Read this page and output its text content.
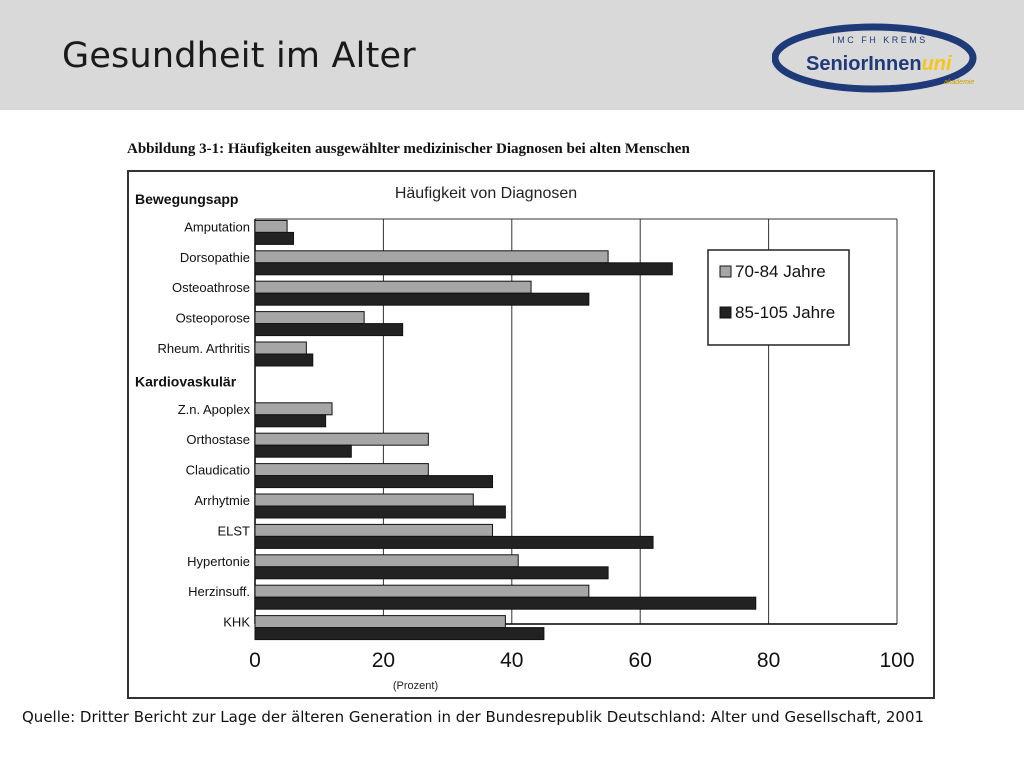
Gesundheit im Alter	IMC FH KREMS
SeniorInnenuni
akademie
Abbildung 3-1: Häufigkeiten ausgewählter medizinischer Diagnosen bei alten Menschen
Häufigkeit von Diagnosen
0	20	40	60	80	100
(Prozent)
Bewegungsapp
Amputation
Dorsopathie
Osteoathrose
Osteoporose
Rheum. Arthritis
Kardiovaskulär
Z.n. Apoplex
Orthostase
Claudicatio
Arrhytmie
ELST
Hypertonie
Herzinsuff.
KHK
70-84 Jahre
85-105 Jahre
Quelle: Dritter Bericht zur Lage der älteren Generation in der Bundesrepublik Deutschland: Alter und Gesellschaft, 2001
